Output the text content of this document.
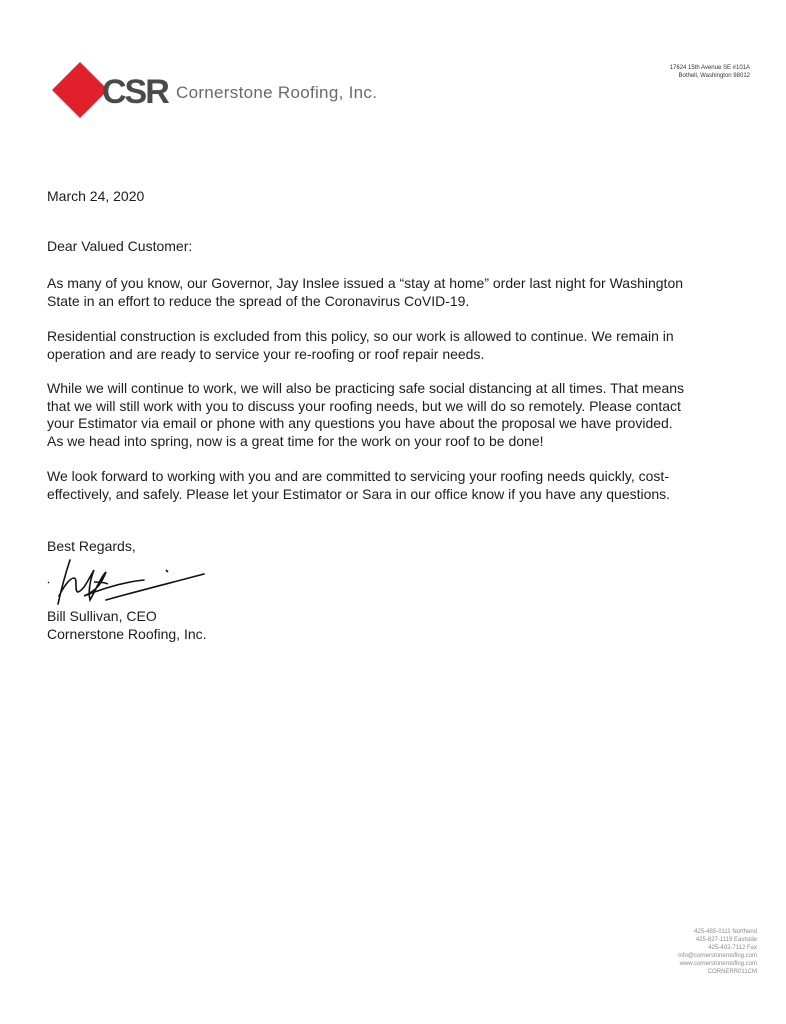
CSR Cornerstone Roofing, Inc.
17624 15th Avenue SE #101A
Bothell, Washington 98012
March 24, 2020
Dear Valued Customer:
As many of you know, our Governor, Jay Inslee issued a “stay at home” order last night for Washington
State in an effort to reduce the spread of the Coronavirus CoVID-19.
Residential construction is excluded from this policy, so our work is allowed to continue. We remain in
operation and are ready to service your re-roofing or roof repair needs.
While we will continue to work, we will also be practicing safe social distancing at all times. That means
that we will still work with you to discuss your roofing needs, but we will do so remotely. Please contact
your Estimator via email or phone with any questions you have about the proposal we have provided.
As we head into spring, now is a great time for the work on your roof to be done!
We look forward to working with you and are committed to servicing your roofing needs quickly, cost-
effectively, and safely. Please let your Estimator or Sara in our office know if you have any questions.
Best Regards,
Bill Sullivan, CEO
Cornerstone Roofing, Inc.
425-485-0111 Northend
425-827-1119 Eastside
425-402-7112 Fax
info@cornerstoneroofing.com
www.cornerstoneroofing.com
CORNERR011CM
